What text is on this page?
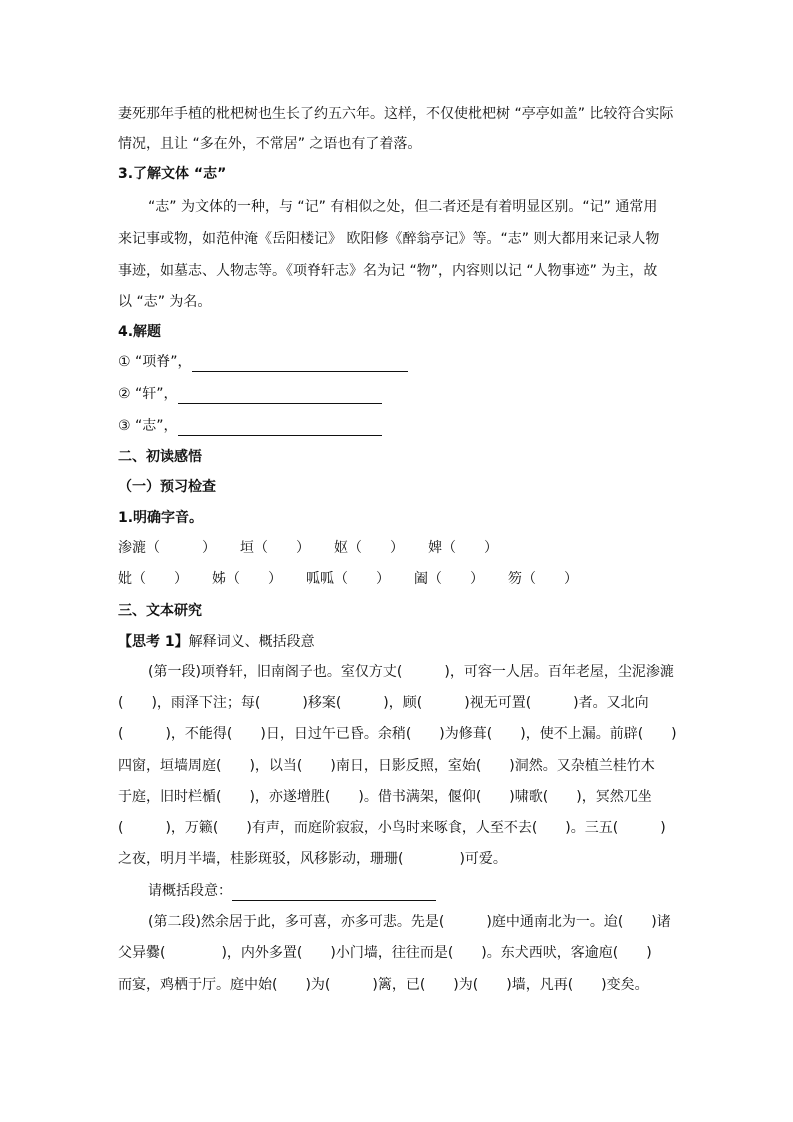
妻死那年手植的枇杷树也生长了约五六年。这样，不仅使枇杷树 “亭亭如盖” 比较符合实际
情况，且让 “多在外，不常居” 之语也有了着落。
3.了解文体 “志”
“志” 为文体的一种，与 “记” 有相似之处，但二者还是有着明显区别。“记” 通常用
来记事或物，如范仲淹《岳阳楼记》 欧阳修《醉翁亭记》等。“志” 则大都用来记录人物
事迹，如墓志、人物志等。《项脊轩志》名为记 “物”，内容则以记 “人物事迹” 为主，故
以 “志” 为名。
4.解题
① “项脊”，
② “轩”，
③ “志”，
二、初读感悟
（一）预习检查
1.明确字音。
渗漉（　　　） 垣（　　） 妪（　　） 婢（　　）
妣（　　） 姊（　　） 呱呱（　　） 阖（　　） 笏（　　）
三、文本研究
【思考 1】解释词义、概括段意
(第一段)项脊轩，旧南阁子也。室仅方丈(　　　)，可容一人居。百年老屋，尘泥渗漉
(　　)，雨泽下注；每(　　　)移案(　　　)，顾(　　　)视无可置(　　　)者。又北向
(　　　)，不能得(　　)日，日过午已昏。余稍(　　)为修葺(　　)，使不上漏。前辟(　　)
四窗，垣墙周庭(　　)，以当(　　)南日，日影反照，室始(　　)洞然。又杂植兰桂竹木
于庭，旧时栏楯(　　)，亦遂增胜(　　)。借书满架，偃仰(　　)啸歌(　　)，冥然兀坐
(　　　)，万籁(　　)有声，而庭阶寂寂，小鸟时来啄食，人至不去(　　)。三五(　　　)
之夜，明月半墙，桂影斑驳，风移影动，珊珊(　　　　)可爱。
请概括段意：
(第二段)然余居于此，多可喜，亦多可悲。先是(　　　)庭中通南北为一。迨(　　)诸
父异爨(　　　　)，内外多置(　　)小门墙，往往而是(　　)。东犬西吠，客逾庖(　　)
而宴，鸡栖于厅。庭中始(　　)为(　　　)篱，已(　　)为(　　)墙，凡再(　　)变矣。
